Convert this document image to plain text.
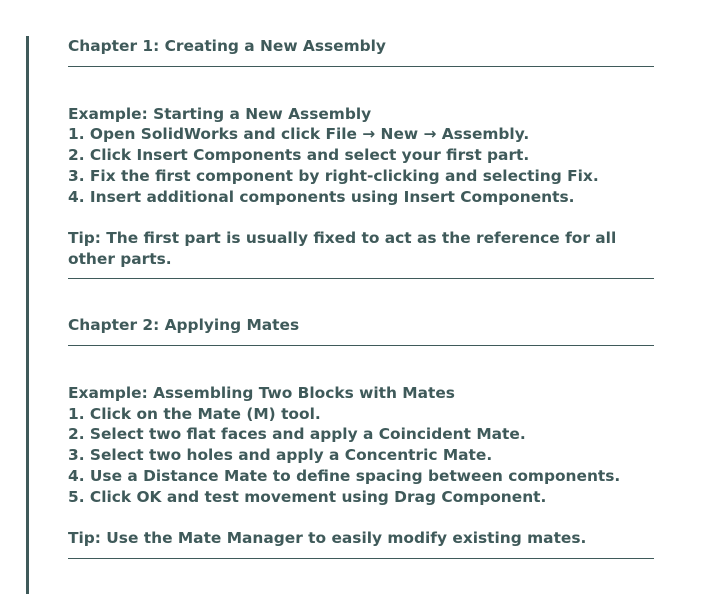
Chapter 1: Creating a New Assembly
Example: Starting a New Assembly
1. Open SolidWorks and click File → New → Assembly.
2. Click Insert Components and select your first part.
3. Fix the first component by right-clicking and selecting Fix.
4. Insert additional components using Insert Components.
Tip: The first part is usually fixed to act as the reference for all other parts.
Chapter 2: Applying Mates
Example: Assembling Two Blocks with Mates
1. Click on the Mate (M) tool.
2. Select two flat faces and apply a Coincident Mate.
3. Select two holes and apply a Concentric Mate.
4. Use a Distance Mate to define spacing between components.
5. Click OK and test movement using Drag Component.
Tip: Use the Mate Manager to easily modify existing mates.
